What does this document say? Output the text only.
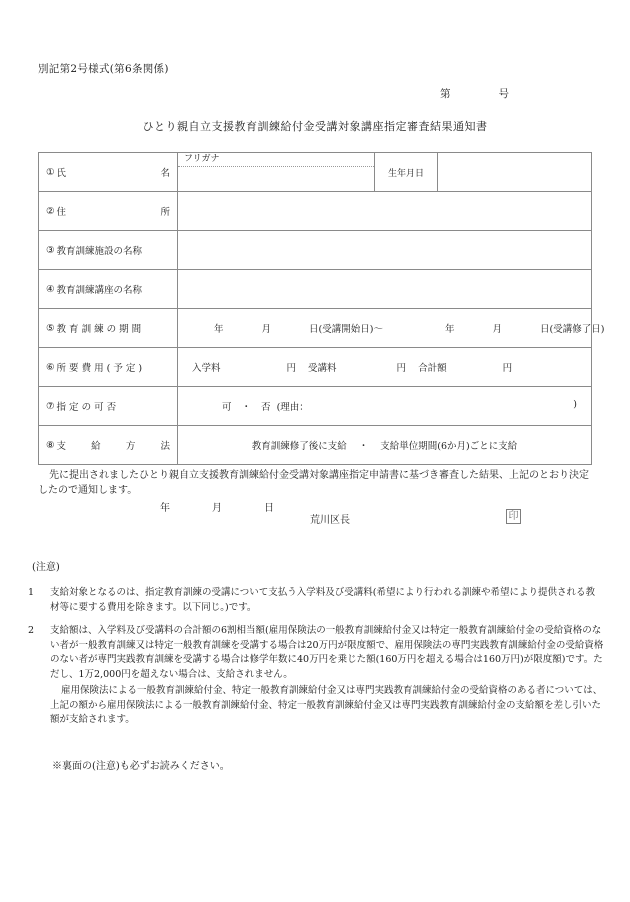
別記第2号様式(第6条関係)
第	号
ひとり親自立支援教育訓練給付金受講対象講座指定審査結果通知書
① 氏 名	フリガナ	生年月日	

② 住 所			

③ 教育訓練施設の名称			

④ 教育訓練講座の名称			

⑤ 教 育 訓 練 の 期 間	年 月 日(受講開始日)～ 年 月 日(受講修了日)		

⑥ 所 要 費 用 ( 予 定 )	入学料 円 受講料 円 合計額 円		

⑦ 指 定 の 可 否	可 ・ 否 (理由： )		

⑧ 支 給 方 法	教育訓練修了後に支給 ・ 支給単位期間(6か月)ごとに支給		
先に提出されましたひとり親自立支援教育訓練給付金受講対象講座指定申請書に基づき審査した結果、上記のとおり決定したので通知します。
年	月	日
荒川区長	印
(注意)
1	支給対象となるのは、指定教育訓練の受講について支払う入学料及び受講料(希望により行われる訓練や希望により提供される教材等に要する費用を除きます。以下同じ。)です。
2	支給額は、入学料及び受講料の合計額の6割相当額(雇用保険法の一般教育訓練給付金又は特定一般教育訓練給付金の受給資格のない者が一般教育訓練又は特定一般教育訓練を受講する場合は20万円が限度額で、雇用保険法の専門実践教育訓練給付金の受給資格のない者が専門実践教育訓練を受講する場合は修学年数に40万円を乗じた額(160万円を超える場合は160万円)が限度額)です。ただし、1万2,000円を超えない場合は、支給されません。
雇用保険法による一般教育訓練給付金、特定一般教育訓練給付金又は専門実践教育訓練給付金の受給資格のある者については、上記の額から雇用保険法による一般教育訓練給付金、特定一般教育訓練給付金又は専門実践教育訓練給付金の支給額を差し引いた額が支給されます。
※裏面の(注意)も必ずお読みください。
